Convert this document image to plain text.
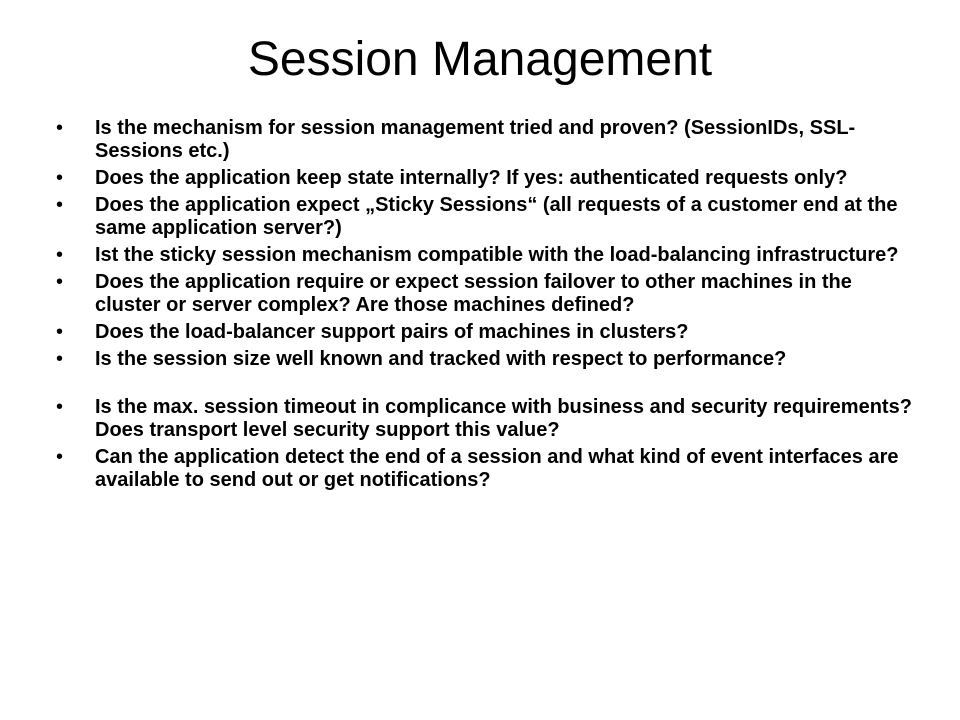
Session Management
• Is the mechanism for session management tried and proven? (SessionIDs, SSL-Sessions etc.)
• Does the application keep state internally? If yes: authenticated requests only?
• Does the application expect „Sticky Sessions“ (all requests of a customer end at the same application server?)
• Ist the sticky session mechanism compatible with the load-balancing infrastructure?
• Does the application require or expect session failover to other machines in the cluster or server complex? Are those machines defined?
• Does the load-balancer support pairs of machines in clusters?
• Is the session size well known and tracked with respect to performance?
• Is the max. session timeout in complicance with business and security requirements? Does transport level security support this value?
• Can the application detect the end of a session and what kind of event interfaces are available to send out or get notifications?
